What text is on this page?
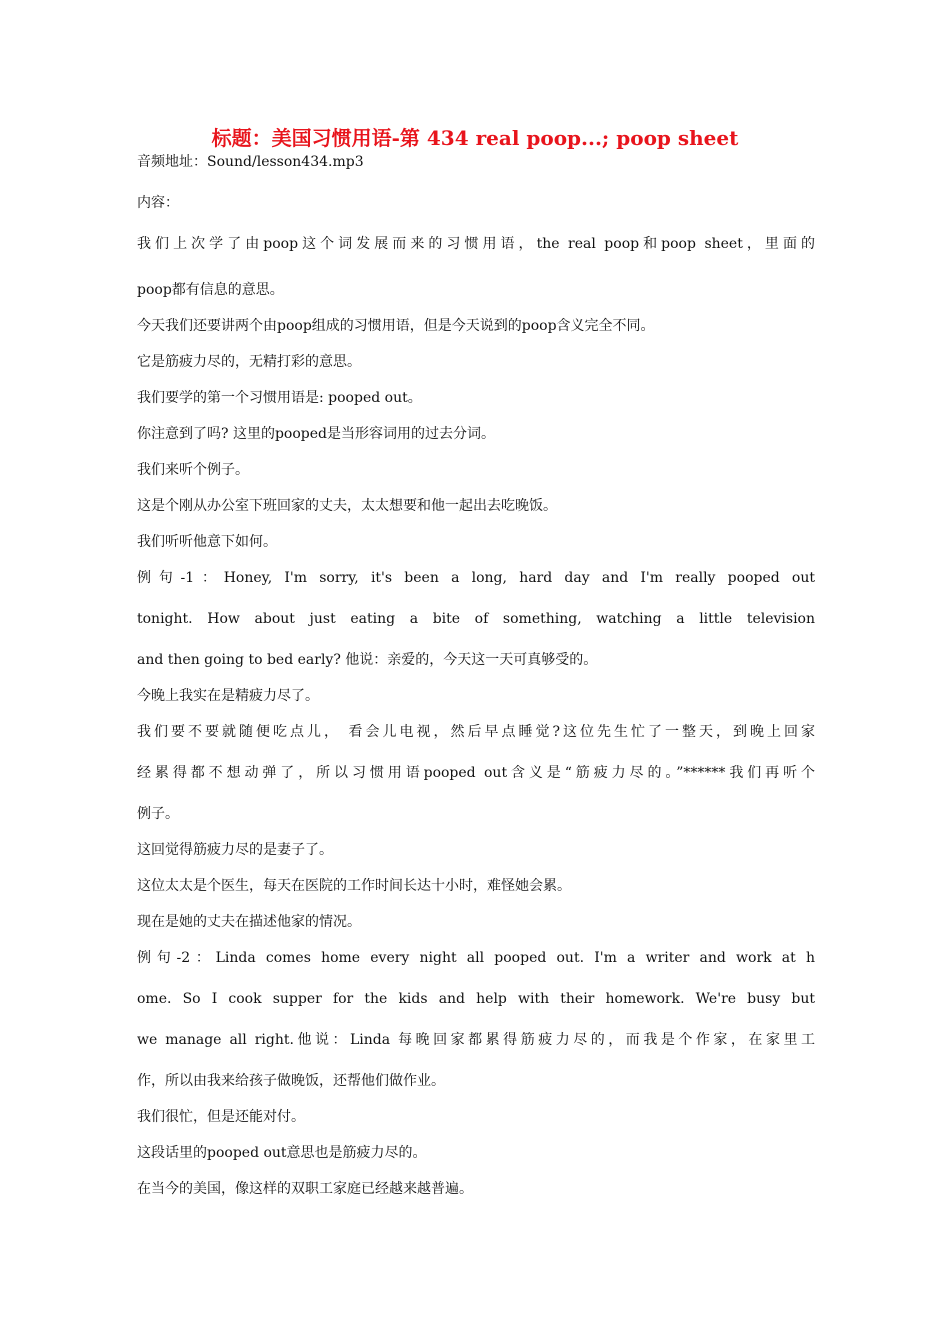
标题：美国习惯用语-第 434 real poop...; poop sheet

音频地址：Sound/lesson434.mp3

内容：

我们上次学了由poop这个词发展而来的习惯用语，the real poop和poop sheet，里面的

poop都有信息的意思。

今天我们还要讲两个由poop组成的习惯用语，但是今天说到的poop含义完全不同。

它是筋疲力尽的，无精打彩的意思。

我们要学的第一个习惯用语是: pooped out。

你注意到了吗? 这里的pooped是当形容词用的过去分词。

我们来听个例子。

这是个刚从办公室下班回家的丈夫，太太想要和他一起出去吃晚饭。

我们听听他意下如何。

例句-1：Honey, I'm sorry, it's been a long, hard day and I'm really pooped out

tonight. How about just eating a bite of something, watching a little television

and then going to bed early? 他说：亲爱的，今天这一天可真够受的。

今晚上我实在是精疲力尽了。

我们要不要就随便吃点儿， 看会儿电视，然后早点睡觉?这位先生忙了一整天，到晚上回家

经累得都不想动弹了，所以习惯用语pooped out含义是“筋疲力尽的。”******我们再听个

例子。

这回觉得筋疲力尽的是妻子了。

这位太太是个医生，每天在医院的工作时间长达十小时，难怪她会累。

现在是她的丈夫在描述他家的情况。

例句-2：Linda comes home every night all pooped out. I'm a writer and work at h

ome. So I cook supper for the kids and help with their homework. We're busy but

we manage all right.他说：Linda 每晚回家都累得筋疲力尽的，而我是个作家，在家里工

作，所以由我来给孩子做晚饭，还帮他们做作业。

我们很忙，但是还能对付。

这段话里的pooped out意思也是筋疲力尽的。

在当今的美国，像这样的双职工家庭已经越来越普遍。
